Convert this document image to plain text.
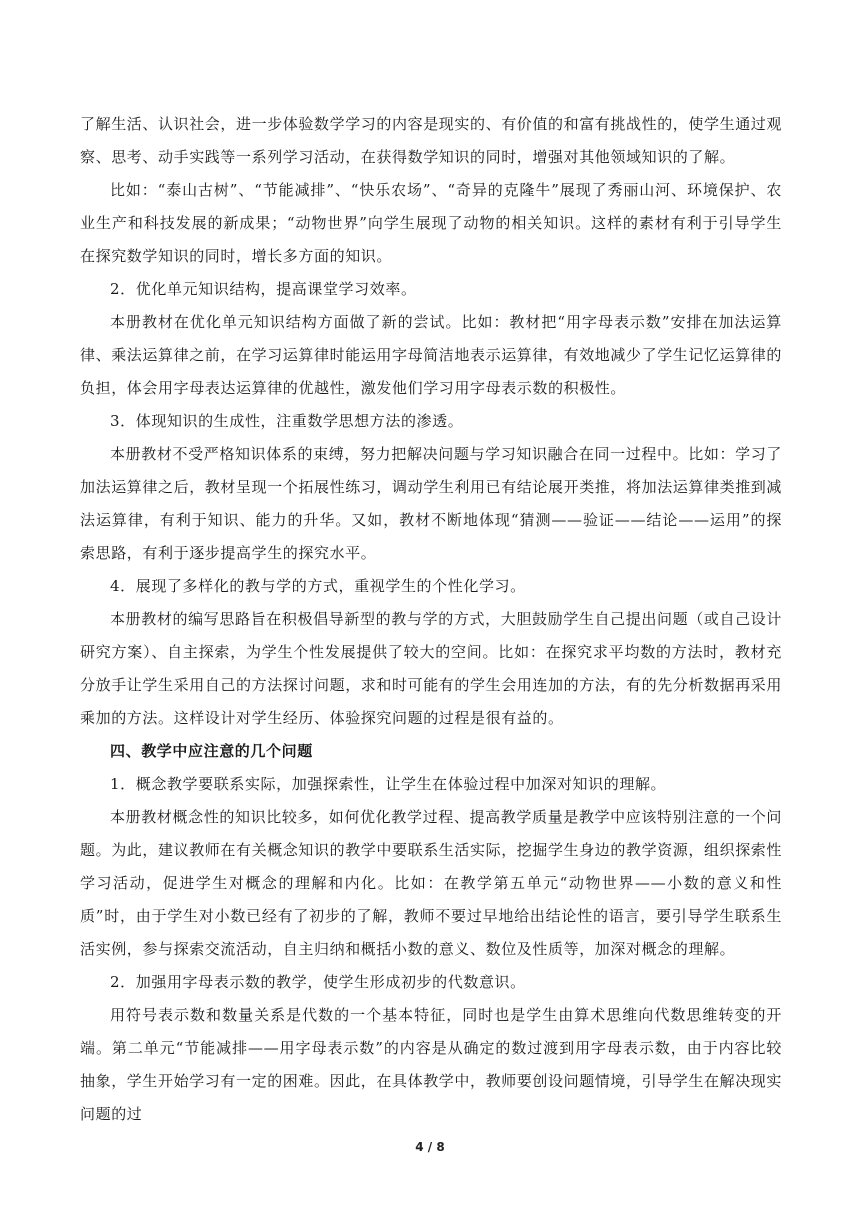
了解生活、认识社会，进一步体验数学学习的内容是现实的、有价值的和富有挑战性的，使学生通过观察、思考、动手实践等一系列学习活动，在获得数学知识的同时，增强对其他领域知识的了解。

比如：“泰山古树”、“节能减排”、“快乐农场”、“奇异的克隆牛”展现了秀丽山河、环境保护、农业生产和科技发展的新成果；“动物世界”向学生展现了动物的相关知识。这样的素材有利于引导学生在探究数学知识的同时，增长多方面的知识。

2．优化单元知识结构，提高课堂学习效率。

本册教材在优化单元知识结构方面做了新的尝试。比如：教材把“用字母表示数”安排在加法运算律、乘法运算律之前，在学习运算律时能运用字母简洁地表示运算律，有效地减少了学生记忆运算律的负担，体会用字母表达运算律的优越性，激发他们学习用字母表示数的积极性。

3．体现知识的生成性，注重数学思想方法的渗透。

本册教材不受严格知识体系的束缚，努力把解决问题与学习知识融合在同一过程中。比如：学习了加法运算律之后，教材呈现一个拓展性练习，调动学生利用已有结论展开类推，将加法运算律类推到减法运算律，有利于知识、能力的升华。又如，教材不断地体现“猜测——验证——结论——运用”的探索思路，有利于逐步提高学生的探究水平。

4．展现了多样化的教与学的方式，重视学生的个性化学习。

本册教材的编写思路旨在积极倡导新型的教与学的方式，大胆鼓励学生自己提出问题（或自己设计研究方案）、自主探索，为学生个性发展提供了较大的空间。比如：在探究求平均数的方法时，教材充分放手让学生采用自己的方法探讨问题，求和时可能有的学生会用连加的方法，有的先分析数据再采用乘加的方法。这样设计对学生经历、体验探究问题的过程是很有益的。

四、教学中应注意的几个问题

1．概念教学要联系实际，加强探索性，让学生在体验过程中加深对知识的理解。

本册教材概念性的知识比较多，如何优化教学过程、提高教学质量是教学中应该特别注意的一个问题。为此，建议教师在有关概念知识的教学中要联系生活实际，挖掘学生身边的教学资源，组织探索性学习活动，促进学生对概念的理解和内化。比如：在教学第五单元“动物世界——小数的意义和性质”时，由于学生对小数已经有了初步的了解，教师不要过早地给出结论性的语言，要引导学生联系生活实例，参与探索交流活动，自主归纳和概括小数的意义、数位及性质等，加深对概念的理解。

2．加强用字母表示数的教学，使学生形成初步的代数意识。

用符号表示数和数量关系是代数的一个基本特征，同时也是学生由算术思维向代数思维转变的开端。第二单元“节能减排——用字母表示数”的内容是从确定的数过渡到用字母表示数，由于内容比较抽象，学生开始学习有一定的困难。因此，在具体教学中，教师要创设问题情境，引导学生在解决现实问题的过

4 / 8
